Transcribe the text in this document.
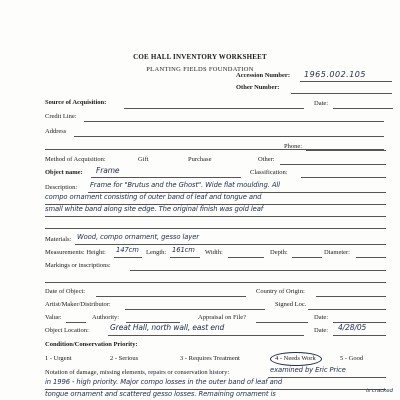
COE HALL INVENTORY WORKSHEET
PLANTING FIELDS FOUNDATION
Accession Number: 1965.002.105
Other Number:
Source of Acquisition:	Date:
Credit Line:
Address
Phone:
Method of Acquisition:	Gift	Purchase	Other:
Object name: Frame	Classification:
Description: Frame for "Brutus and the Ghost". Wide flat moulding. All
compo ornament consisting of outer band of leaf and tongue and
small white band along site edge. The original finish was gold leaf
Materials: Wood, compo ornament, gesso layer
Measurements: Height: 147cm Length: 161cm Width:	Depth:	Diameter:
Markings or inscriptions:
Date of Object:	Country of Origin:
Artist/Maker/Distributor:	Signed Loc.
Value:	Authority:	Appraisal on File?	Date:
Object Location:	Great Hall, north wall, east end	Date: 4/28/05
Condition/Conservation Priority:
1 - Urgent	2 - Serious	3 - Requires Treatment	4 - Needs Work	5 - Good
Notation of damage, missing elements, repairs or conservation history:	examined by Eric Price
in 1996 - high priority. Major compo losses in the outer band of leaf and
tongue ornament and scattered gesso losses. Remaining ornament is	is cracked
